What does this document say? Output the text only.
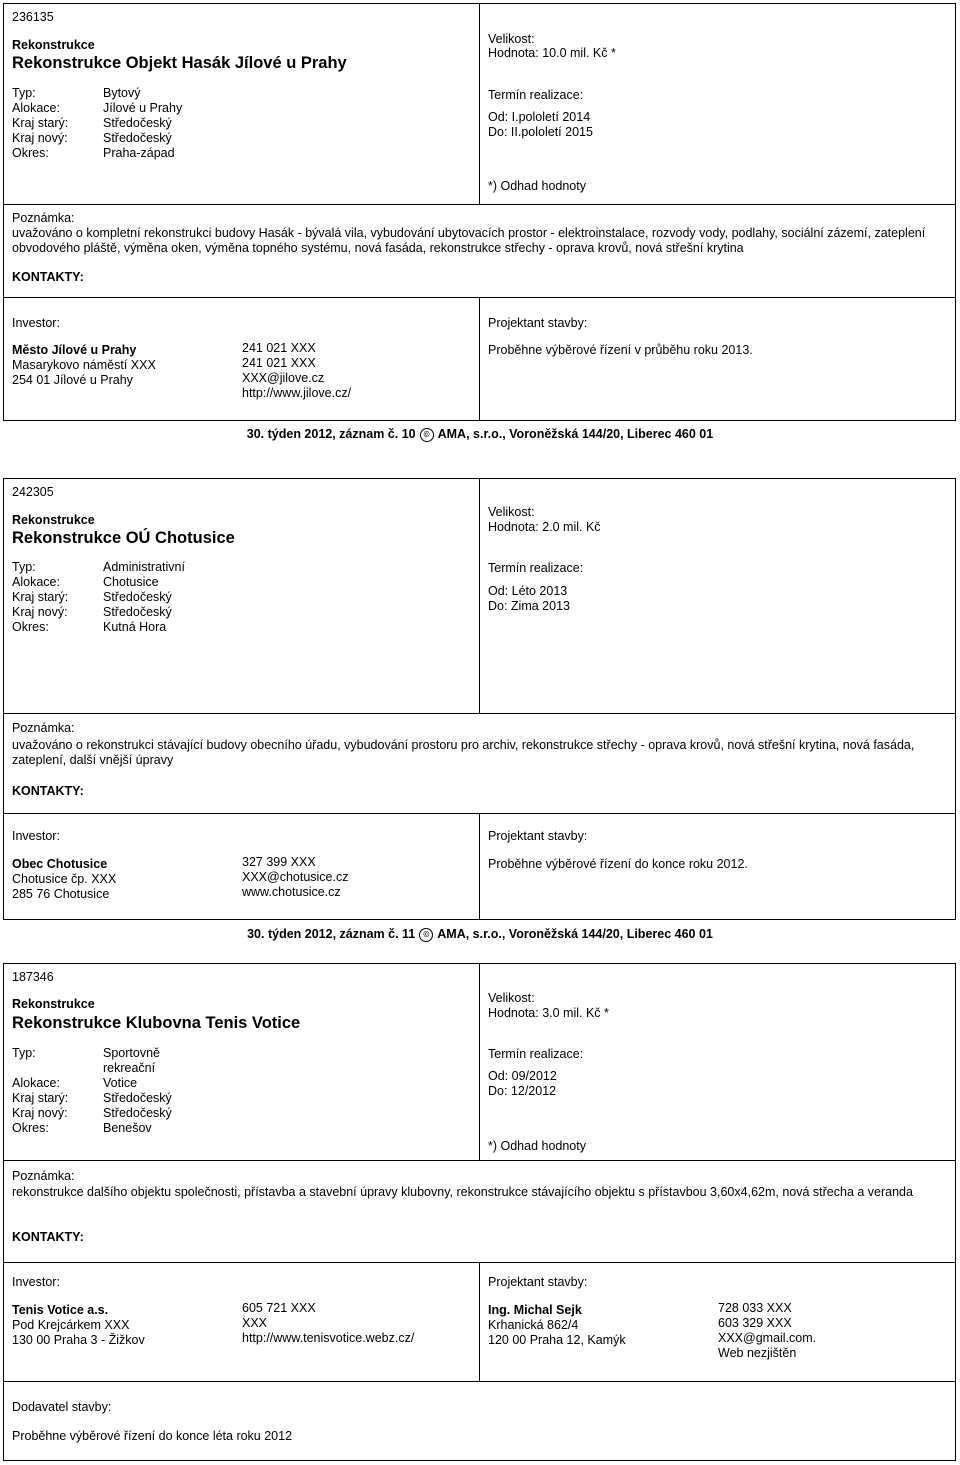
236135
Rekonstrukce
Rekonstrukce Objekt Hasák Jílové u Prahy
Typ:
Alokace:
Kraj starý:
Kraj nový:
Okres:
Bytový
Jílové u Prahy
Středočeský
Středočeský
Praha-západ
Velikost:
Hodnota: 10.0 mil. Kč *
Termín realizace:
Od: I.pololetí 2014
Do: II.pololetí 2015
*) Odhad hodnoty
Poznámka:
uvažováno o kompletní rekonstrukci budovy Hasák - bývalá vila, vybudování ubytovacích prostor - elektroinstalace, rozvody vody, podlahy, sociální zázemí, zateplení obvodového pláště, výměna oken, výměna topného systému, nová fasáda, rekonstrukce střechy - oprava krovů, nová střešní krytina
KONTAKTY:
Investor:
Město Jílové u Prahy
Masarykovo náměstí XXX
254 01 Jílové u Prahy
241 021 XXX
241 021 XXX
XXX@jilove.cz
http://www.jilove.cz/
Projektant stavby:
Proběhne výběrové řízení v průběhu roku 2013.
30. týden 2012, záznam č. 10 © AMA, s.r.o., Voroněžská 144/20, Liberec 460 01
242305
Rekonstrukce
Rekonstrukce OÚ Chotusice
Typ:
Alokace:
Kraj starý:
Kraj nový:
Okres:
Administrativní
Chotusice
Středočeský
Středočeský
Kutná Hora
Velikost:
Hodnota: 2.0 mil. Kč
Termín realizace:
Od: Léto 2013
Do: Zima 2013
Poznámka:
uvažováno o rekonstrukci stávající budovy obecního úřadu, vybudování prostoru pro archiv, rekonstrukce střechy - oprava krovů, nová střešní krytina, nová fasáda, zateplení, další vnější úpravy
KONTAKTY:
Investor:
Obec Chotusice
Chotusice čp. XXX
285 76 Chotusice
327 399 XXX
XXX@chotusice.cz
www.chotusice.cz
Projektant stavby:
Proběhne výběrové řízení do konce roku 2012.
30. týden 2012, záznam č. 11 © AMA, s.r.o., Voroněžská 144/20, Liberec 460 01
187346
Rekonstrukce
Rekonstrukce Klubovna Tenis Votice
Typ:
Alokace:
Kraj starý:
Kraj nový:
Okres:
Sportovně
rekreační
Votice
Středočeský
Středočeský
Benešov
Velikost:
Hodnota: 3.0 mil. Kč *
Termín realizace:
Od: 09/2012
Do: 12/2012
*) Odhad hodnoty
Poznámka:
rekonstrukce dalšího objektu společnosti, přístavba a stavební úpravy klubovny, rekonstrukce stávajícího objektu s přístavbou 3,60x4,62m, nová střecha a veranda
KONTAKTY:
Investor:
Tenis Votice a.s.
Pod Krejcárkem XXX
130 00 Praha 3 - Žižkov
605 721 XXX
XXX
http://www.tenisvotice.webz.cz/
Projektant stavby:
Ing. Michal Sejk
Krhanická 862/4
120 00 Praha 12, Kamýk
728 033 XXX
603 329 XXX
XXX@gmail.com.
Web nezjištěn
Dodavatel stavby:
Proběhne výběrové řízení do konce léta roku 2012
